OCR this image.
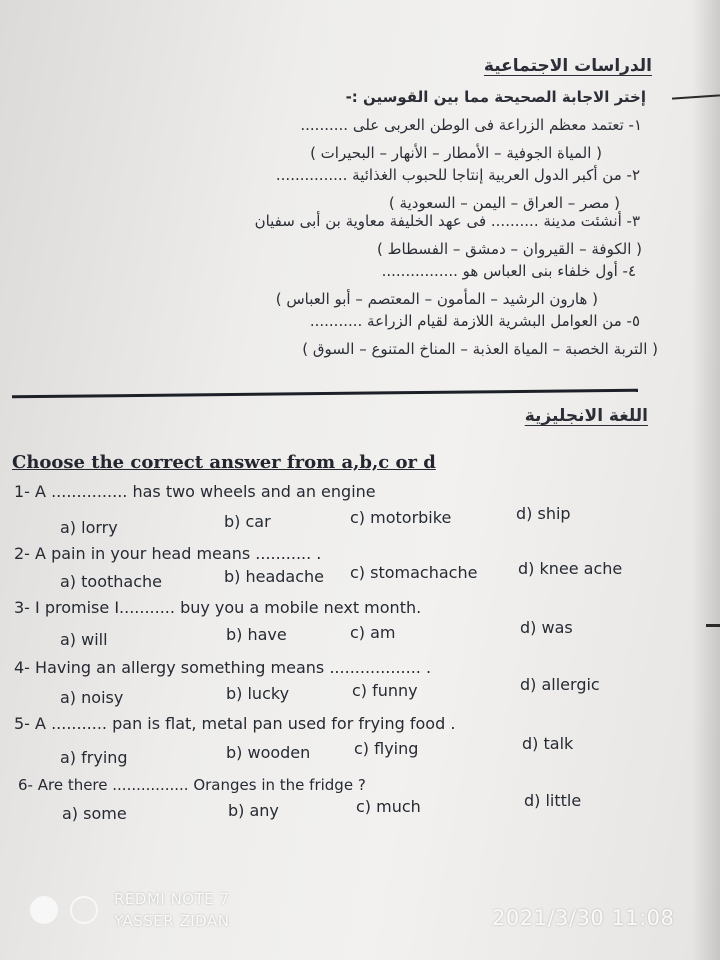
الدراسات الاجتماعية
إختر الاجابة الصحيحة مما بين القوسين :-
١- تعتمد معظم الزراعة فى الوطن العربى على ..........
( المياة الجوفية – الأمطار – الأنهار – البحيرات )
٢- من أكبر الدول العربية إنتاجا للحبوب الغذائية ...............
( مصر – العراق – اليمن – السعودية )
٣- أنشئت مدينة .......... فى عهد الخليفة معاوية بن أبى سفيان
( الكوفة – القيروان – دمشق – الفسطاط )
٤- أول خلفاء بنى العباس هو ................
( هارون الرشيد – المأمون – المعتصم – أبو العباس )
٥- من العوامل البشرية اللازمة لقيام الزراعة ...........
( التربة الخصبة – المياة العذبة – المناخ المتنوع – السوق )
اللغة الانجليزية
Choose the correct answer from a,b,c or d
1- A ............... has two wheels and an engine
a) lorry	b) car	c) motorbike	d) ship
2- A pain in your head means ........... .
a) toothache	b) headache c) stomachache	d) knee ache
3- I promise I........... buy you a mobile next month.
a) will	b) have	c) am	d) was
4- Having an allergy something means .................. .
a) noisy	b) lucky	c) funny	d) allergic
5- A ........... pan is flat, metal pan used for frying food .
a) frying	b) wooden	c) flying	d) talk
6- Are there ................ Oranges in the fridge ?
a) some	b) any	c) much	d) little
REDMI NOTE 7
YASSER ZIDAN	2021/3/30 11:08
